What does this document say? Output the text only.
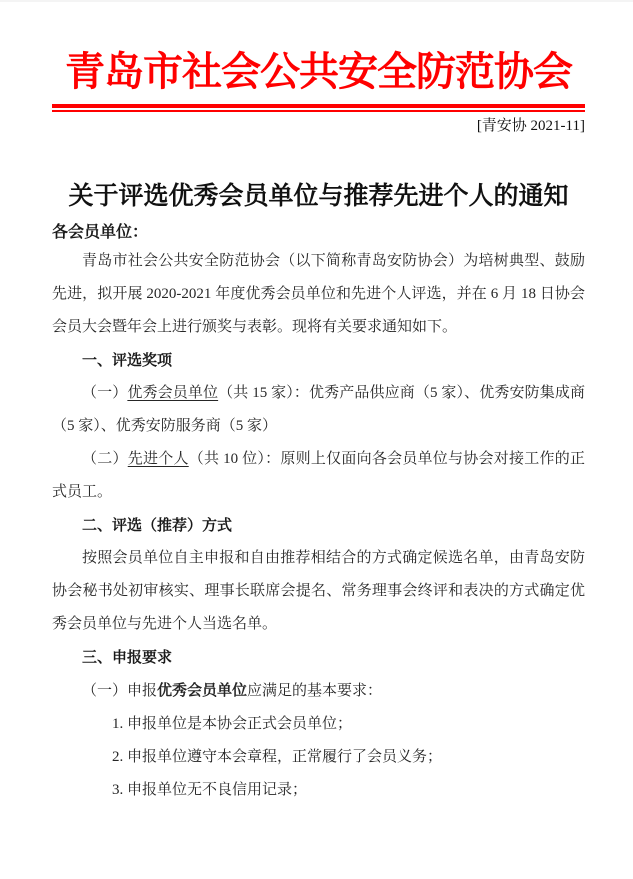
青岛市社会公共安全防范协会
[青安协 2021-11]
关于评选优秀会员单位与推荐先进个人的通知
各会员单位：

青岛市社会公共安全防范协会（以下简称青岛安防协会）为培树典型、鼓励先进，拟开展 2020-2021 年度优秀会员单位和先进个人评选，并在 6 月 18 日协会会员大会暨年会上进行颁奖与表彰。现将有关要求通知如下。

一、评选奖项

（一）优秀会员单位（共 15 家）：优秀产品供应商（5 家）、优秀安防集成商（5 家）、优秀安防服务商（5 家）

（二）先进个人（共 10 位）：原则上仅面向各会员单位与协会对接工作的正式员工。

二、评选（推荐）方式

按照会员单位自主申报和自由推荐相结合的方式确定候选名单，由青岛安防协会秘书处初审核实、理事长联席会提名、常务理事会终评和表决的方式确定优秀会员单位与先进个人当选名单。

三、申报要求

（一）申报优秀会员单位应满足的基本要求：

1. 申报单位是本协会正式会员单位；

2. 申报单位遵守本会章程，正常履行了会员义务；

3. 申报单位无不良信用记录；
